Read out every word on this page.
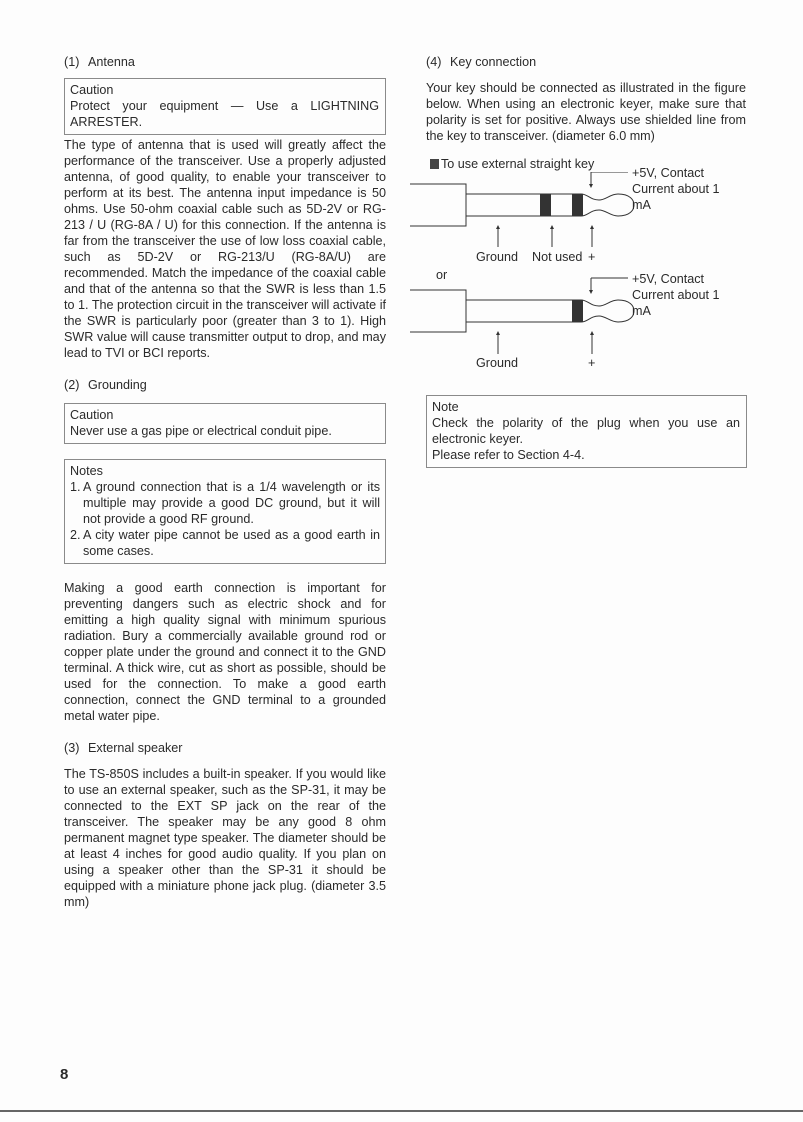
(1) Antenna
Caution
Protect your equipment — Use a LIGHTNING ARRESTER.

The type of antenna that is used will greatly affect the performance of the transceiver. Use a properly adjusted antenna, of good quality, to enable your transceiver to perform at its best. The antenna input impedance is 50 ohms. Use 50-ohm coaxial cable such as 5D-2V or RG-213 / U (RG-8A / U) for this connection. If the antenna is far from the transceiver the use of low loss coaxial cable, such as 5D-2V or RG-213/U (RG-8A/U) are recommended. Match the impedance of the coaxial cable and that of the antenna so that the SWR is less than 1.5 to 1. The protection circuit in the transceiver will activate if the SWR is particularly poor (greater than 3 to 1). High SWR value will cause transmitter output to drop, and may lead to TVI or BCI reports.

(2) Grounding
Caution
Never use a gas pipe or electrical conduit pipe.
Notes
1. A ground connection that is a 1/4 wavelength or its multiple may provide a good DC ground, but it will not provide a good RF ground.
2. A city water pipe cannot be used as a good earth in some cases.

Making a good earth connection is important for preventing dangers such as electric shock and for emitting a high quality signal with minimum spurious radiation. Bury a commercially available ground rod or copper plate under the ground and connect it to the GND terminal. A thick wire, cut as short as possible, should be used for the connection. To make a good earth connection, connect the GND terminal to a grounded metal water pipe.

(3) External speaker

The TS-850S includes a built-in speaker. If you would like to use an external speaker, such as the SP-31, it may be connected to the EXT SP jack on the rear of the transceiver. The speaker may be any good 8 ohm permanent magnet type speaker. The diameter should be at least 4 inches for good audio quality. If you plan on using a speaker other than the SP-31 it should be equipped with a miniature phone jack plug. (diameter 3.5 mm)

(4) Key connection

Your key should be connected as illustrated in the figure below. When using an electronic keyer, make sure that polarity is set for positive. Always use shielded line from the key to transceiver. (diameter 6.0 mm)

To use external straight key
+5V, Contact
Current about 1
mA
Ground Not used +
or	+5V, Contact
Current about 1
mA
Ground	+
Note
Check the polarity of the plug when you use an electronic keyer.
Please refer to Section 4-4.
8
